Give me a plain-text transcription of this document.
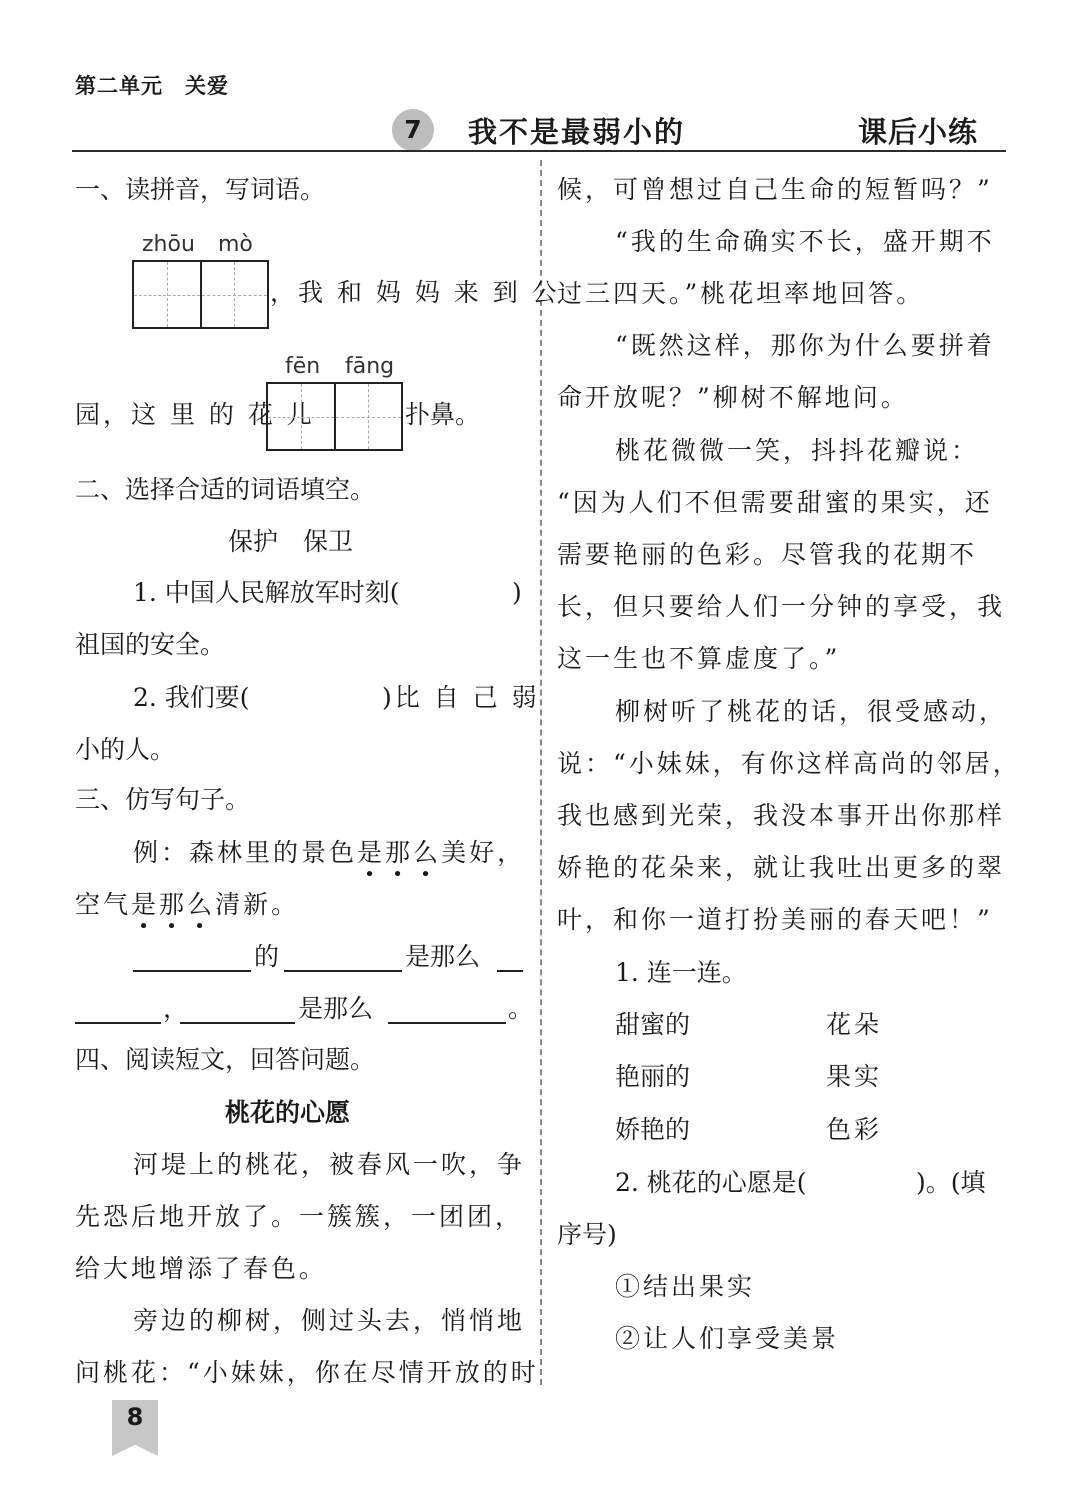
第二单元　关爱
7	我不是最弱小的	课后小练
一、读拼音，写词语。
zhōu mò
，我 和 妈 妈 来 到 公
fēn fāng
园，这 里 的 花 儿	扑鼻。
二、选择合适的词语填空。
保护　保卫
1. 中国人民解放军时刻(	)
祖国的安全。
2. 我们要(	)比 自 己 弱
小的人。
三、仿写句子。
例：森林里的景色是那么美好，
空气是那么清新。
的	是那么
，	是那么	。
四、阅读短文，回答问题。
桃花的心愿
河堤上的桃花，被春风一吹，争
先恐后地开放了。一簇簇，一团团，
给大地增添了春色。
旁边的柳树，侧过头去，悄悄地
问桃花：“小妹妹，你在尽情开放的时
候，可曾想过自己生命的短暂吗？”
“我的生命确实不长，盛开期不
过三四天。”桃花坦率地回答。
“既然这样，那你为什么要拼着
命开放呢？”柳树不解地问。
桃花微微一笑，抖抖花瓣说：
“因为人们不但需要甜蜜的果实，还
需要艳丽的色彩。尽管我的花期不
长，但只要给人们一分钟的享受，我
这一生也不算虚度了。”
柳树听了桃花的话，很受感动，
说：“小妹妹，有你这样高尚的邻居，
我也感到光荣，我没本事开出你那样
娇艳的花朵来，就让我吐出更多的翠
叶，和你一道打扮美丽的春天吧！”
1. 连一连。
甜蜜的	花朵
艳丽的	果实
娇艳的	色彩
2. 桃花的心愿是(	)。(填
序号)
①结出果实
②让人们享受美景
8
